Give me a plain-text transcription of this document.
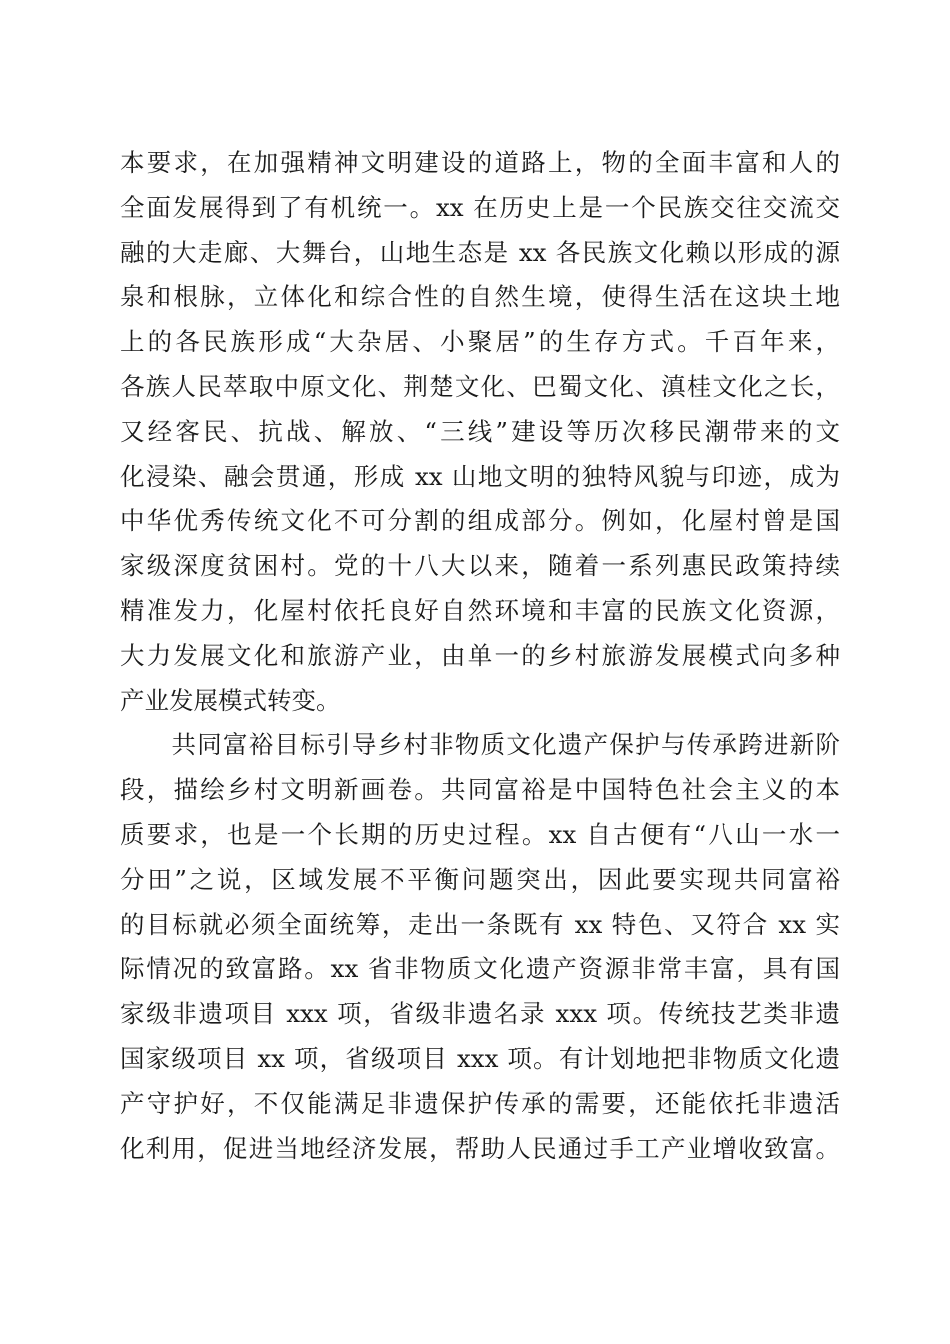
本要求，在加强精神文明建设的道路上，物的全面丰富和人的
全面发展得到了有机统一。xx 在历史上是一个民族交往交流交
融的大走廊、大舞台，山地生态是 xx 各民族文化赖以形成的源
泉和根脉，立体化和综合性的自然生境，使得生活在这块土地
上的各民族形成“大杂居、小聚居”的生存方式。千百年来，
各族人民萃取中原文化、荆楚文化、巴蜀文化、滇桂文化之长，
又经客民、抗战、解放、“三线”建设等历次移民潮带来的文
化浸染、融会贯通，形成 xx 山地文明的独特风貌与印迹，成为
中华优秀传统文化不可分割的组成部分。例如，化屋村曾是国
家级深度贫困村。党的十八大以来，随着一系列惠民政策持续
精准发力，化屋村依托良好自然环境和丰富的民族文化资源，
大力发展文化和旅游产业，由单一的乡村旅游发展模式向多种
产业发展模式转变。
　　共同富裕目标引导乡村非物质文化遗产保护与传承跨进新阶
段，描绘乡村文明新画卷。共同富裕是中国特色社会主义的本
质要求，也是一个长期的历史过程。xx 自古便有“八山一水一
分田”之说，区域发展不平衡问题突出，因此要实现共同富裕
的目标就必须全面统筹，走出一条既有 xx 特色、又符合 xx 实
际情况的致富路。xx 省非物质文化遗产资源非常丰富，具有国
家级非遗项目 xxx 项，省级非遗名录 xxx 项。传统技艺类非遗
国家级项目 xx 项，省级项目 xxx 项。有计划地把非物质文化遗
产守护好，不仅能满足非遗保护传承的需要，还能依托非遗活
化利用，促进当地经济发展，帮助人民通过手工产业增收致富。
